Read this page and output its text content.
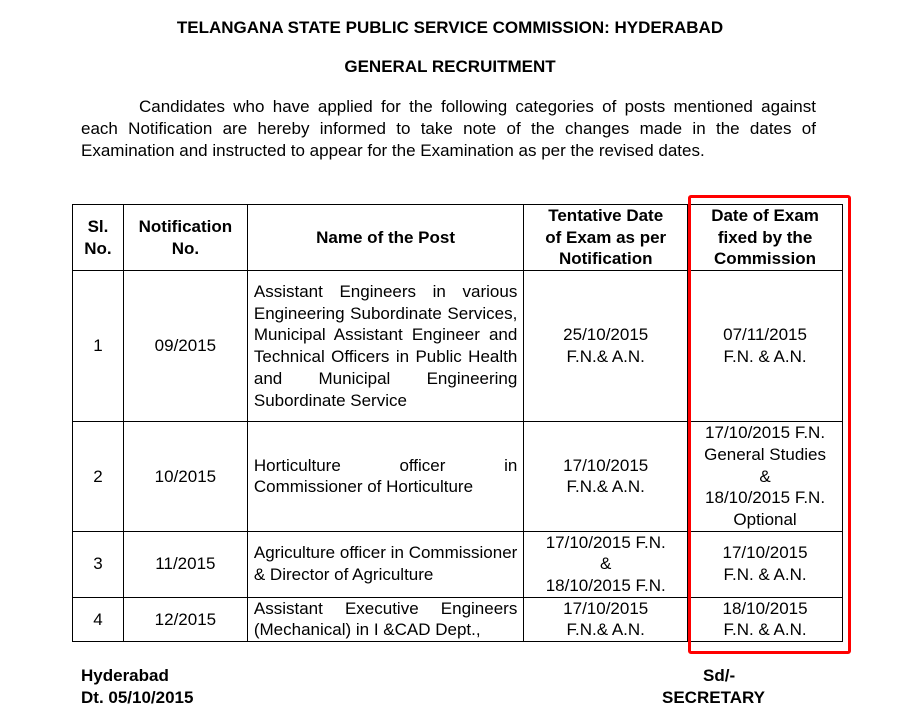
TELANGANA STATE PUBLIC SERVICE COMMISSION: HYDERABAD
GENERAL RECRUITMENT

Candidates who have applied for the following categories of posts mentioned against each Notification are hereby informed to take note of the changes made in the dates of Examination and instructed to appear for the Examination as per the revised dates.

Sl.
No.	Notification
No.	Name of the Post	Tentative Date
of Exam as per
Notification	Date of Exam
fixed by the
Commission
1	09/2015	Assistant Engineers in various Engineering Subordinate Services, Municipal Assistant Engineer and Technical Officers in Public Health and Municipal Engineering Subordinate Service	25/10/2015
F.N.& A.N.	07/11/2015
F.N. & A.N.
2	10/2015	Horticulture officer in Commissioner of Horticulture	17/10/2015
F.N.& A.N.	17/10/2015 F.N.
General Studies
&
18/10/2015 F.N.
Optional
3	11/2015	Agriculture officer in Commissioner & Director of Agriculture	17/10/2015 F.N.
&
18/10/2015 F.N.	17/10/2015
F.N. & A.N.
4	12/2015	Assistant Executive Engineers (Mechanical) in I &CAD Dept.,	17/10/2015
F.N.& A.N.	18/10/2015
F.N. & A.N.
Hyderabad
Dt. 05/10/2015
Sd/-
SECRETARY
